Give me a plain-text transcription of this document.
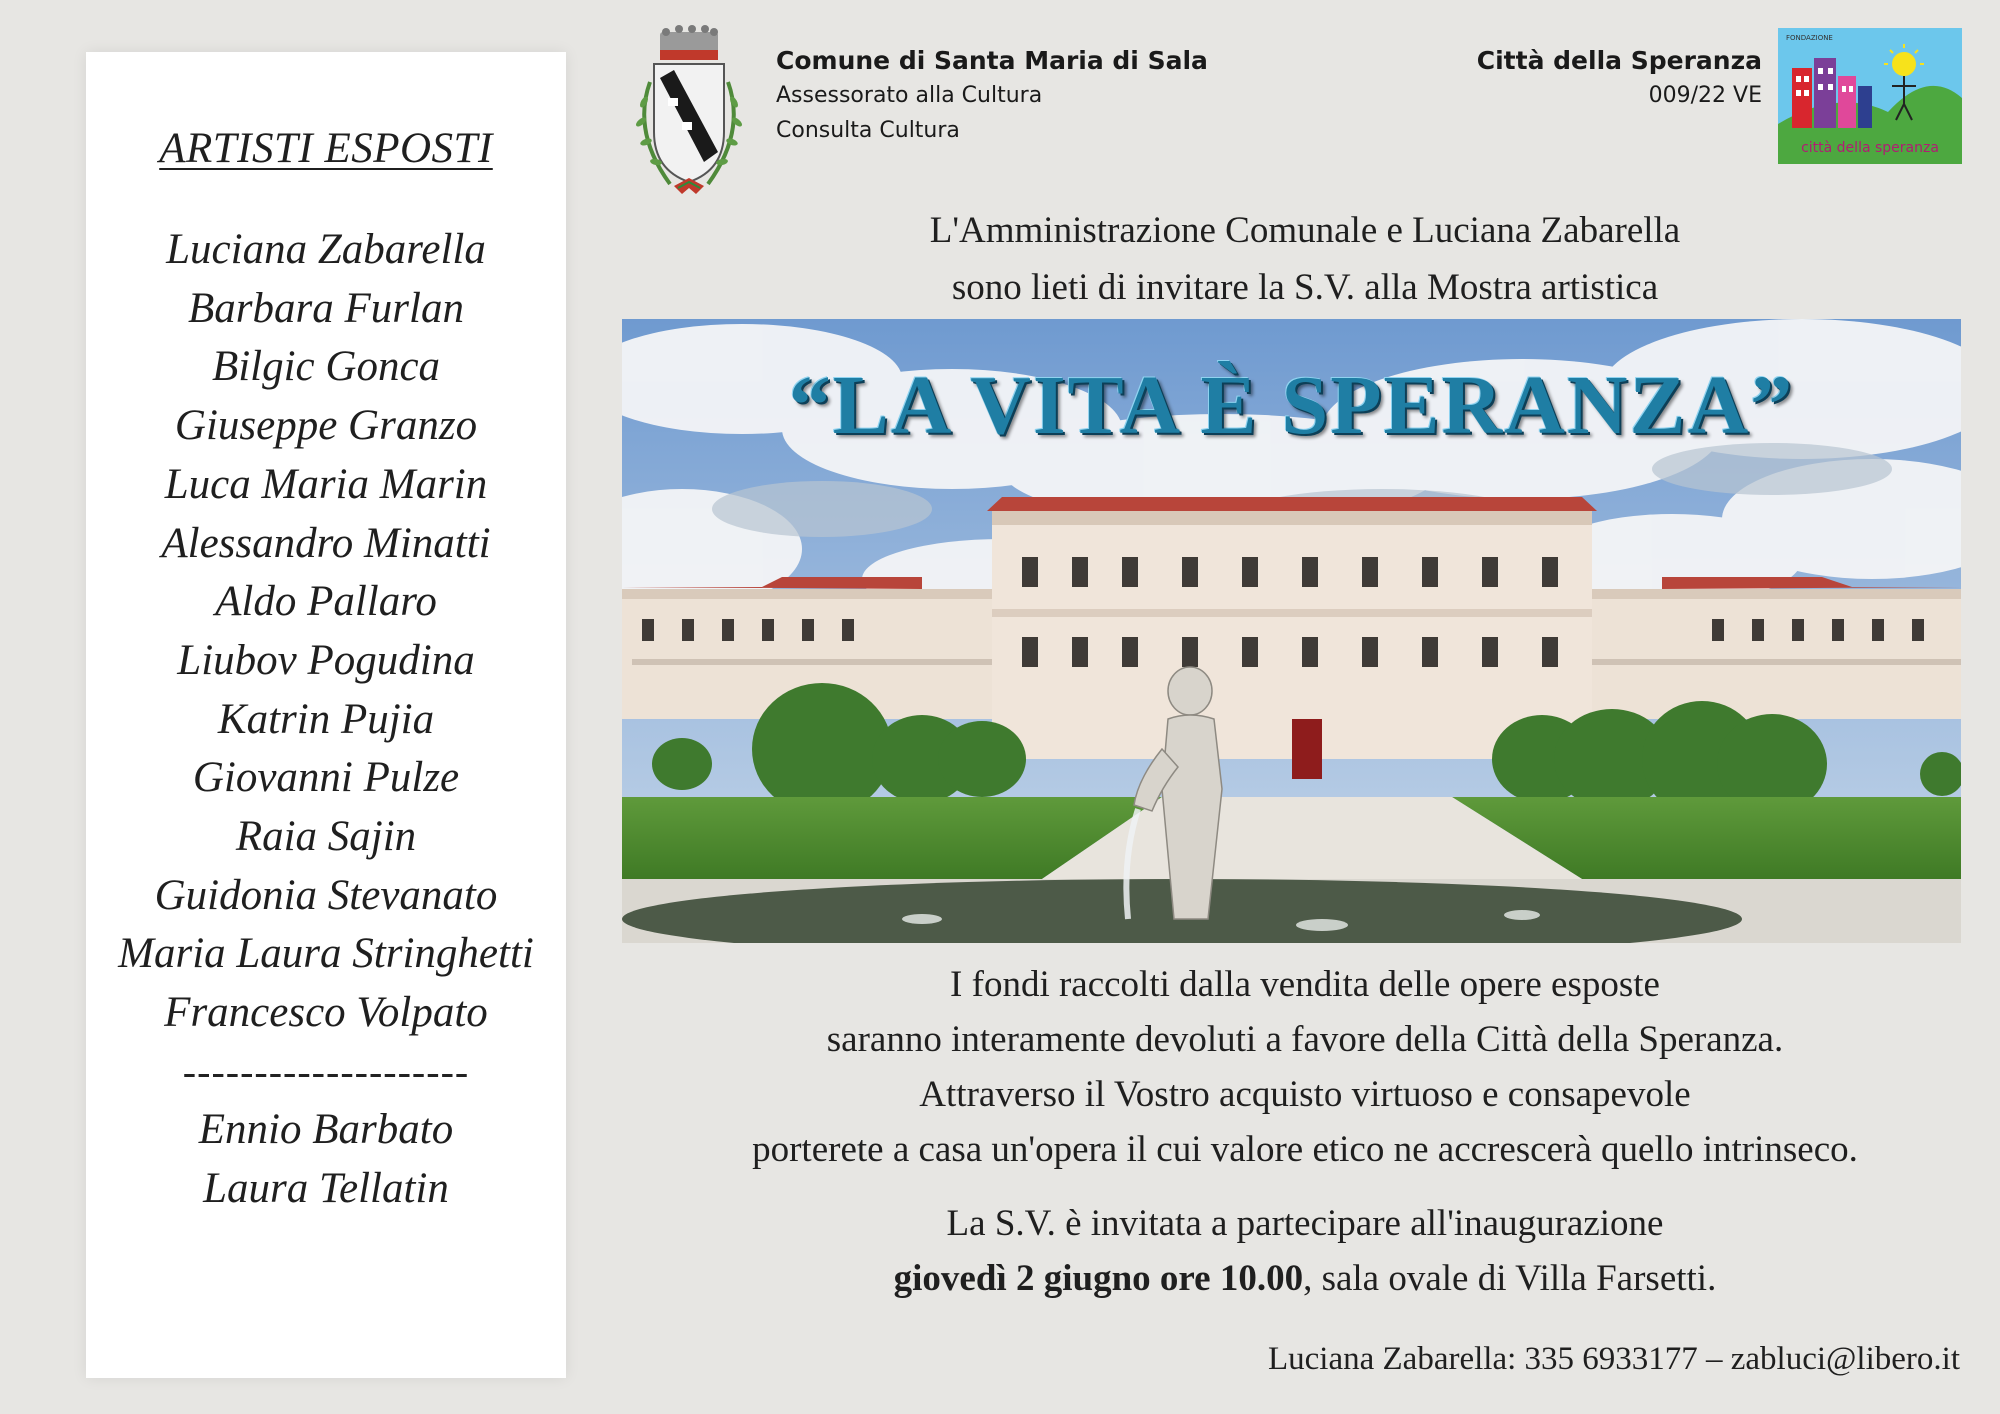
ARTISTI ESPOSTI
Luciana Zabarella
Barbara Furlan
Bilgic Gonca
Giuseppe Granzo
Luca Maria Marin
Alessandro Minatti
Aldo Pallaro
Liubov Pogudina
Katrin Pujia
Giovanni Pulze
Raia Sajin
Guidonia Stevanato
Maria Laura Stringhetti
Francesco Volpato
--------------------
Ennio Barbato
Laura Tellatin
Comune di Santa Maria di Sala
Assessorato alla Cultura
Consulta Cultura
Città della Speranza
009/22 VE
FONDAZIONE
città della speranza
L'Amministrazione Comunale e Luciana Zabarella
sono lieti di invitare la S.V. alla Mostra artistica
“LA VITA È SPERANZA”
I fondi raccolti dalla vendita delle opere esposte
saranno interamente devoluti a favore della Città della Speranza.
Attraverso il Vostro acquisto virtuoso e consapevole
porterete a casa un'opera il cui valore etico ne accrescerà quello intrinseco.
La S.V. è invitata a partecipare all'inaugurazione
giovedì 2 giugno ore 10.00, sala ovale di Villa Farsetti.
Luciana Zabarella: 335 6933177 – zabluci@libero.it
